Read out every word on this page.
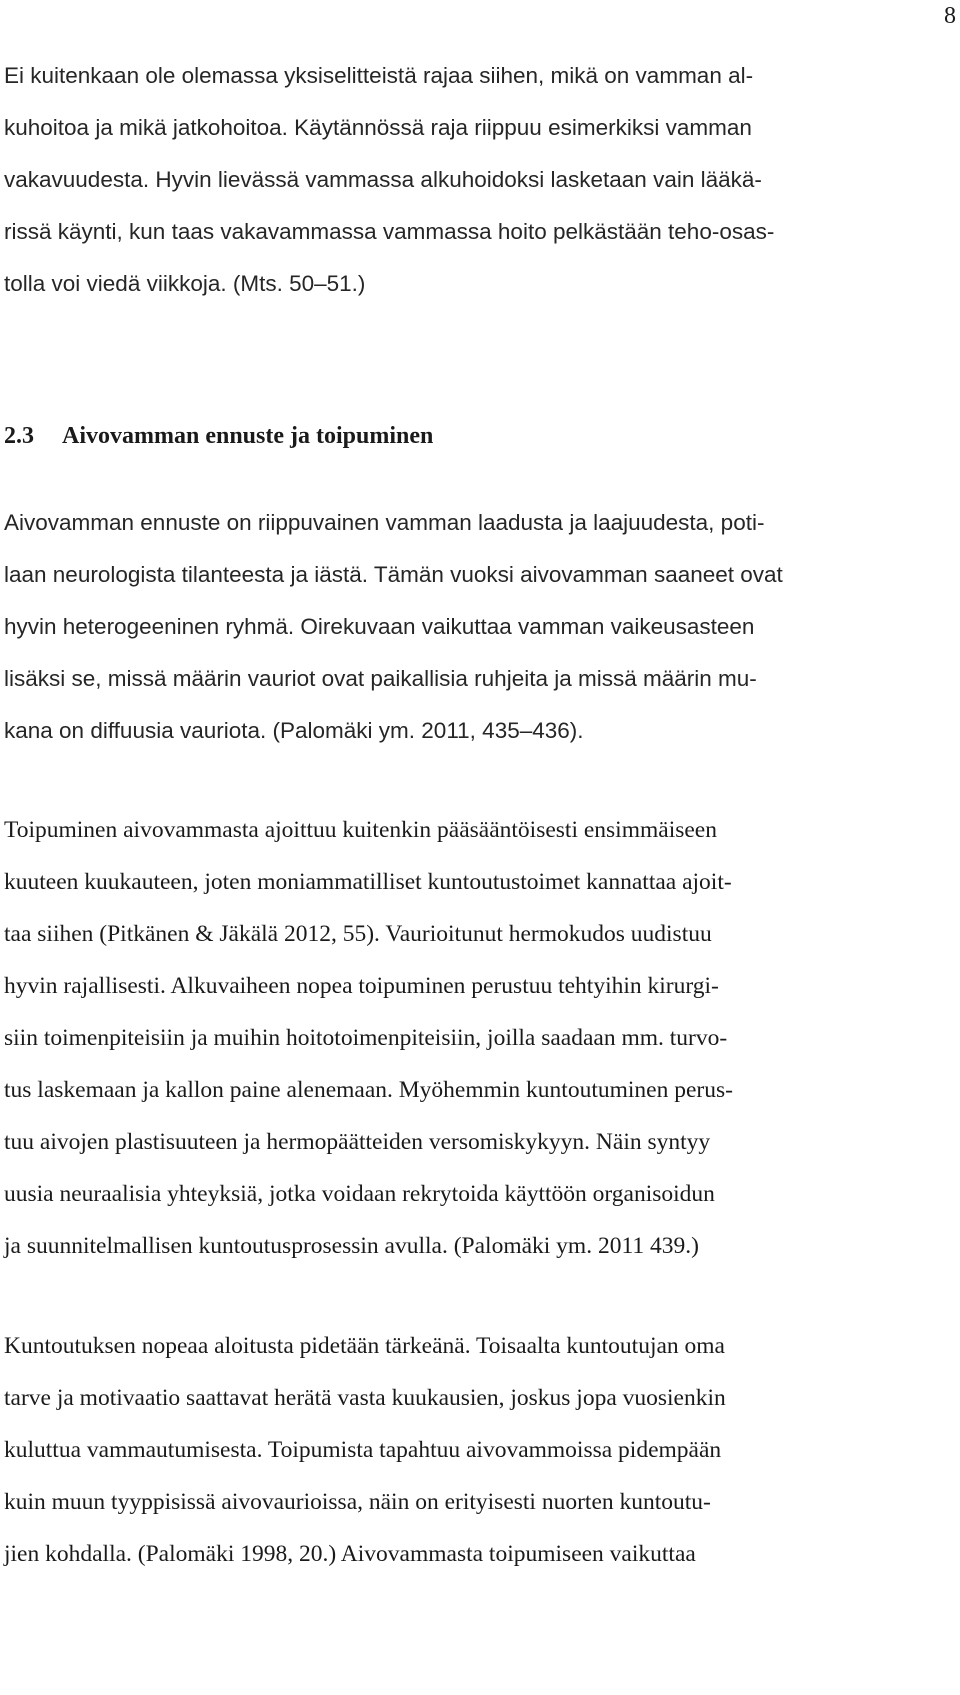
8
Ei kuitenkaan ole olemassa yksiselitteistä rajaa siihen, mikä on vamman al-
kuhoitoa ja mikä jatkohoitoa. Käytännössä raja riippuu esimerkiksi vamman
vakavuudesta. Hyvin lievässä vammassa alkuhoidoksi lasketaan vain lääkä-
rissä käynti, kun taas vakavammassa vammassa hoito pelkästään teho-osas-
tolla voi viedä viikkoja. (Mts. 50–51.)
2.3 Aivovamman ennuste ja toipuminen
Aivovamman ennuste on riippuvainen vamman laadusta ja laajuudesta, poti-
laan neurologista tilanteesta ja iästä. Tämän vuoksi aivovamman saaneet ovat
hyvin heterogeeninen ryhmä. Oirekuvaan vaikuttaa vamman vaikeusasteen
lisäksi se, missä määrin vauriot ovat paikallisia ruhjeita ja missä määrin mu-
kana on diffuusia vauriota. (Palomäki ym. 2011, 435–436).
Toipuminen aivovammasta ajoittuu kuitenkin pääsääntöisesti ensimmäiseen
kuuteen kuukauteen, joten moniammatilliset kuntoutustoimet kannattaa ajoit-
taa siihen (Pitkänen & Jäkälä 2012, 55). Vaurioitunut hermokudos uudistuu
hyvin rajallisesti. Alkuvaiheen nopea toipuminen perustuu tehtyihin kirurgi-
siin toimenpiteisiin ja muihin hoitotoimenpiteisiin, joilla saadaan mm. turvo-
tus laskemaan ja kallon paine alenemaan. Myöhemmin kuntoutuminen perus-
tuu aivojen plastisuuteen ja hermopäätteiden versomiskykyyn. Näin syntyy
uusia neuraalisia yhteyksiä, jotka voidaan rekrytoida käyttöön organisoidun
ja suunnitelmallisen kuntoutusprosessin avulla. (Palomäki ym. 2011 439.)
Kuntoutuksen nopeaa aloitusta pidetään tärkeänä. Toisaalta kuntoutujan oma
tarve ja motivaatio saattavat herätä vasta kuukausien, joskus jopa vuosienkin
kuluttua vammautumisesta. Toipumista tapahtuu aivovammoissa pidempään
kuin muun tyyppisissä aivovaurioissa, näin on erityisesti nuorten kuntoutu-
jien kohdalla. (Palomäki 1998, 20.) Aivovammasta toipumiseen vaikuttaa
